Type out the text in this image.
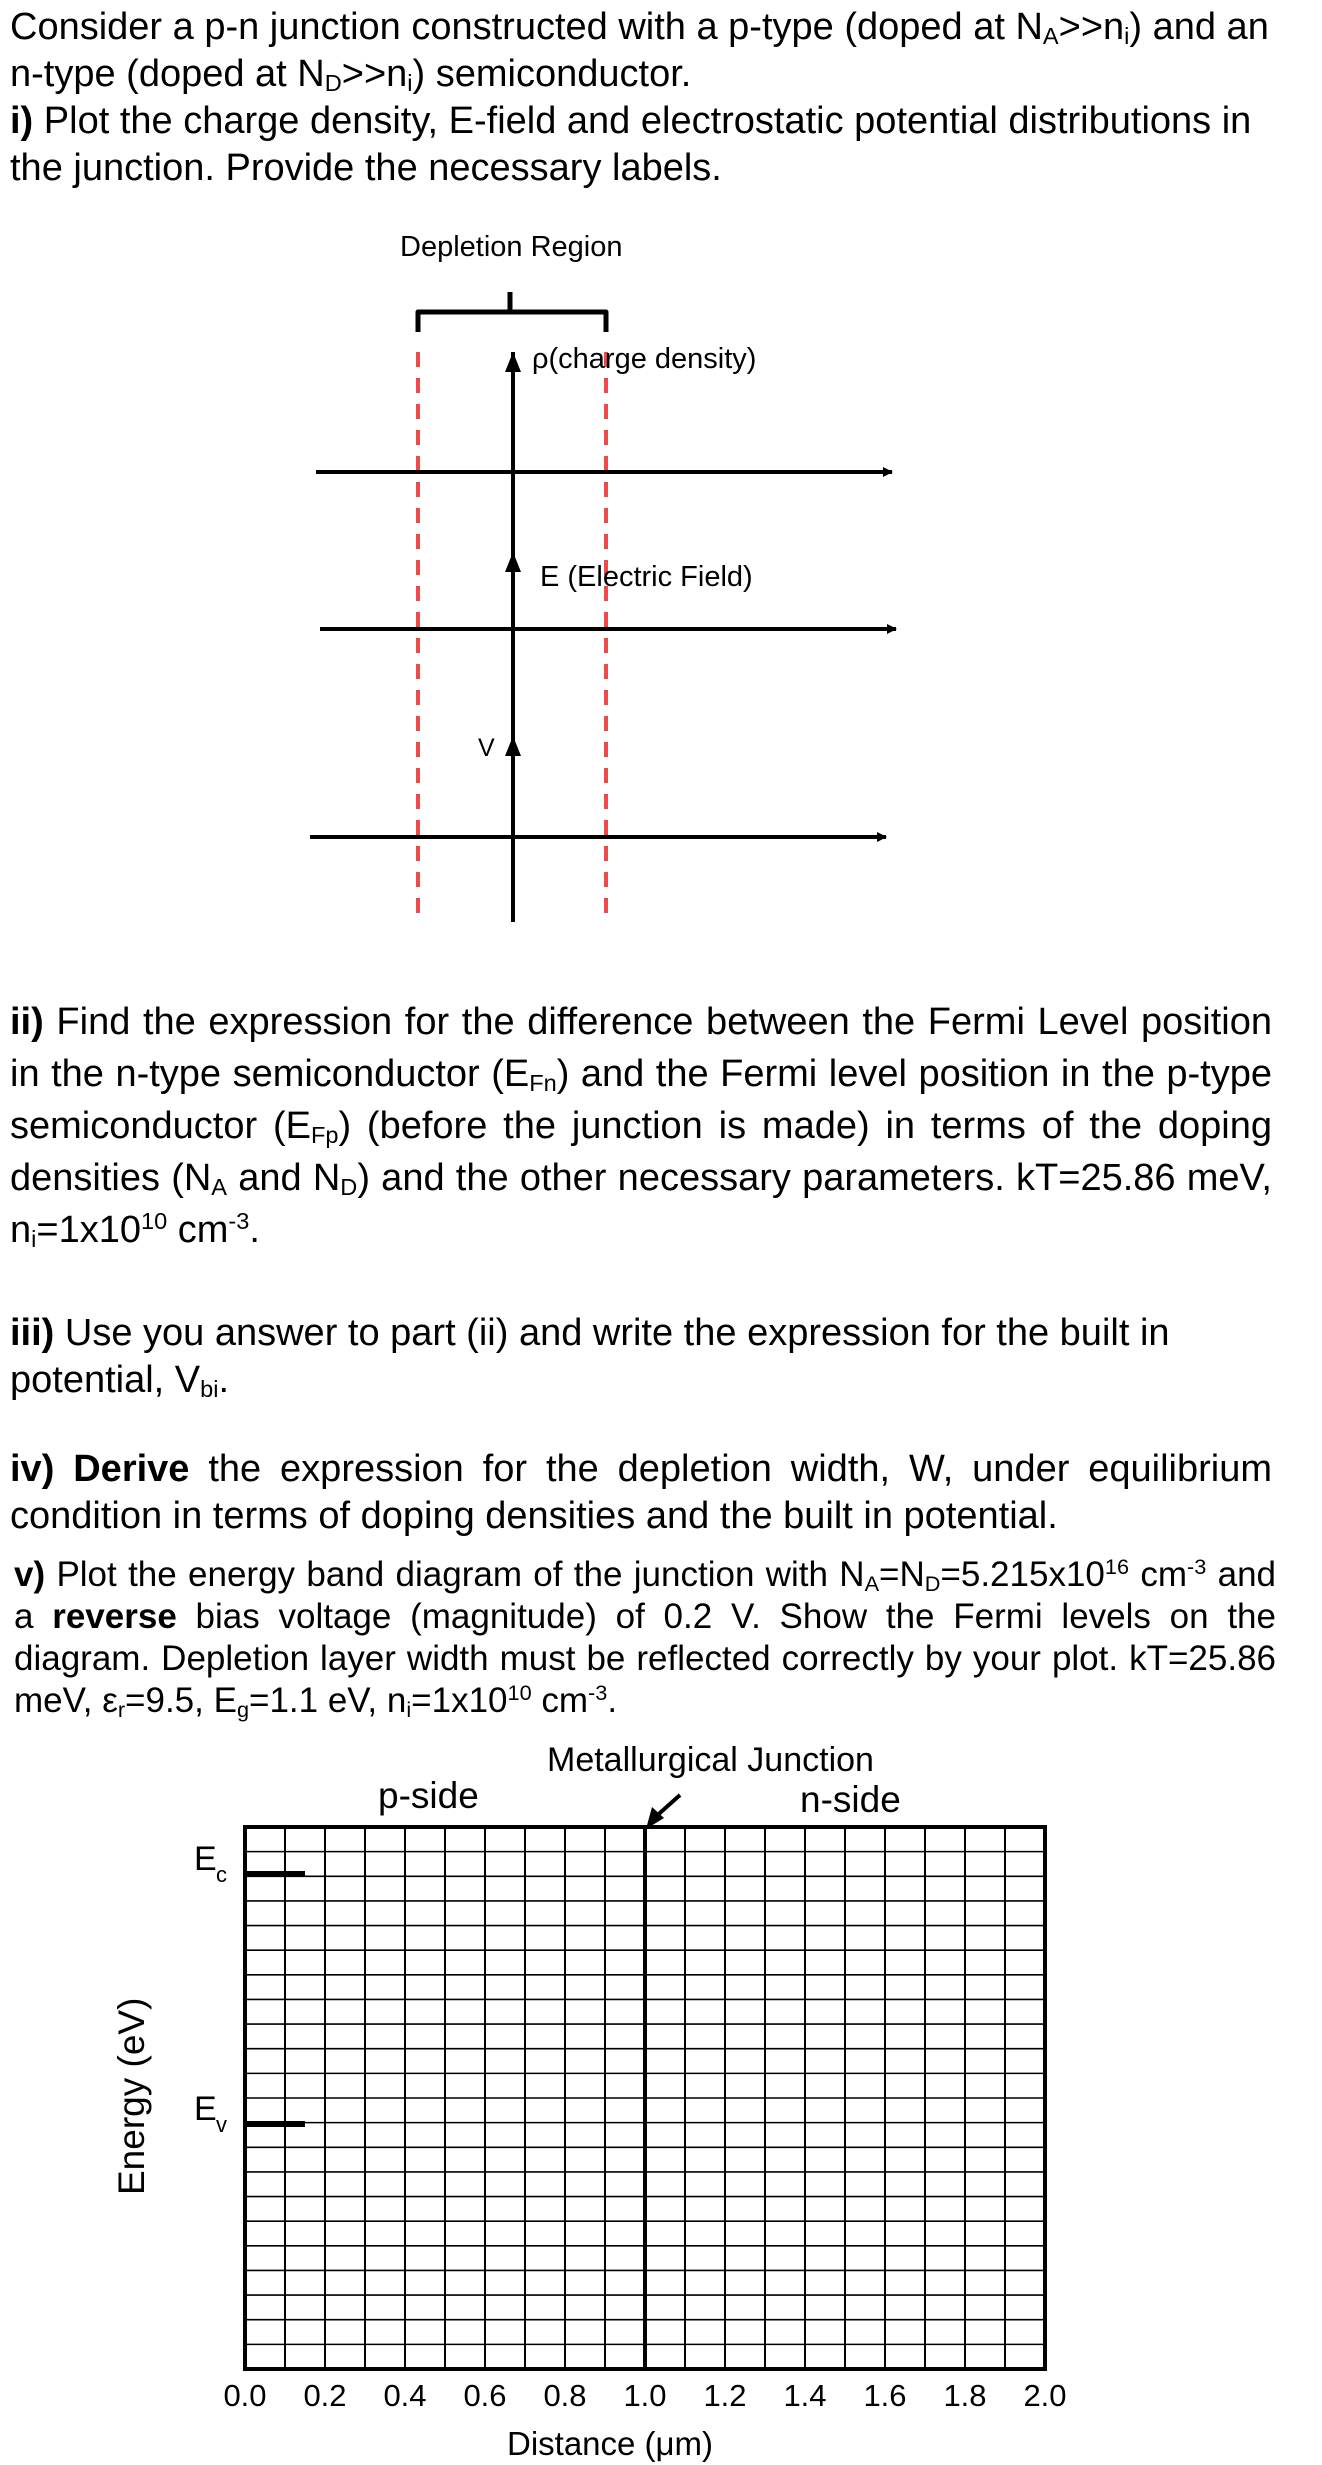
Consider a p-n junction constructed with a p-type (doped at $N_A>>n_i$) and an n-type (doped at $N_D>>n_i$) semiconductor.

i) Plot the charge density, E-field and electrostatic potential distributions in the junction. Provide the necessary labels.

Depletion Region
ρ(charge density)
E (Electric Field)
V

ii) Find the expression for the difference between the Fermi Level position in the n-type semiconductor $(E_{Fn})$ and the Fermi level position in the p-type semiconductor $(E_{Fp})$ (before the junction is made) in terms of the doping densities ($N_A$ and $N_D$) and the other necessary parameters. kT=25.86 meV, $n_i=1x10^{10}$ $cm^{-3}$.

iii) Use you answer to part (ii) and write the expression for the built in potential, $V_{bi}$.

iv) Derive the expression for the depletion width, W, under equilibrium condition in terms of doping densities and the built in potential.

v) Plot the energy band diagram of the junction with $N_A=N_D=5.215x10^{16}$ $cm^{-3}$ and a reverse bias voltage (magnitude) of 0.2 V. Show the Fermi levels on the diagram. Depletion layer width must be reflected correctly by your plot. kT=25.86 meV, $\varepsilon_r=9.5$, $E_g=1.1$ eV, $n_i=1x10^{10}$ $cm^{-3}$.

Metallurgical Junction
p-side	n-side
E c
E v
0.0 0.2 0.4 0.6 0.8 1.0 1.2 1.4 1.6 1.8 2.0
Distance (μm)
Energy (eV)
